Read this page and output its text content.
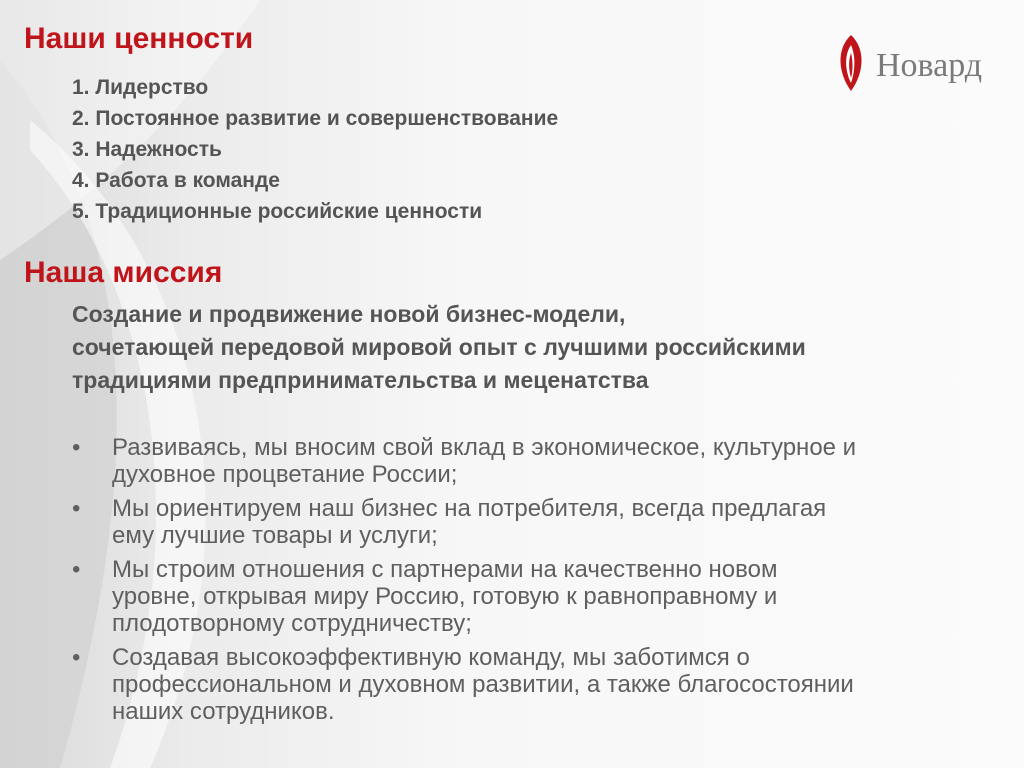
Наши ценности
1. Лидерство
2. Постоянное развитие и совершенствование
3. Надежность
4. Работа в команде
5. Традиционные российские ценности
Наша миссия
Создание и продвижение новой бизнес-модели,
сочетающей передовой мировой опыт с лучшими российскими
традициями предпринимательства и меценатства
• Развиваясь, мы вносим свой вклад в экономическое, культурное и
духовное процветание России;
• Мы ориентируем наш бизнес на потребителя, всегда предлагая
ему лучшие товары и услуги;
• Мы строим отношения с партнерами на качественно новом
уровне, открывая миру Россию, готовую к равноправному и
плодотворному сотрудничеству;
• Создавая высокоэффективную команду, мы заботимся о
профессиональном и духовном развитии, а также благосостоянии
наших сотрудников.
Новард
